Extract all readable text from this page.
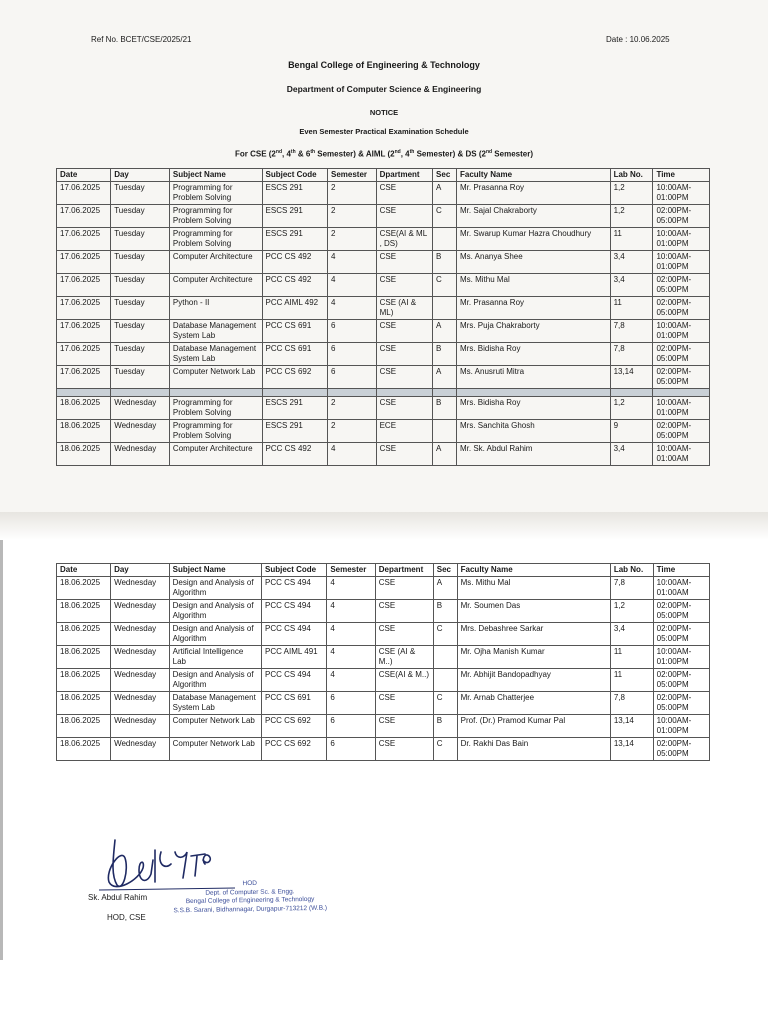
Ref No. BCET/CSE/2025/21	Date : 10.06.2025
Bengal College of Engineering & Technology
Department of Computer Science & Engineering
NOTICE
Even Semester Practical Examination Schedule
For CSE (2nd, 4th & 6th Semester) & AIML (2nd, 4th Semester) & DS (2nd Semester)
Date	Day	Subject Name	Subject Code	Semester	Dpartment	Sec	Faculty Name	Lab No.	Time
17.06.2025	Tuesday	Programming for Problem Solving	ESCS 291	2	CSE	A	Mr. Prasanna Roy	1,2	10:00AM-01:00PM
17.06.2025	Tuesday	Programming for Problem Solving	ESCS 291	2	CSE	C	Mr. Sajal Chakraborty	1,2	02:00PM-05:00PM
17.06.2025	Tuesday	Programming for Problem Solving	ESCS 291	2	CSE(AI & ML , DS)		Mr. Swarup Kumar Hazra Choudhury	11	10:00AM-01:00PM
17.06.2025	Tuesday	Computer Architecture	PCC CS 492	4	CSE	B	Ms. Ananya Shee	3,4	10:00AM-01:00PM
17.06.2025	Tuesday	Computer Architecture	PCC CS 492	4	CSE	C	Ms. Mithu Mal	3,4	02:00PM-05:00PM
17.06.2025	Tuesday	Python - II	PCC AIML 492	4	CSE (AI & ML)		Mr. Prasanna Roy	11	02:00PM-05:00PM
17.06.2025	Tuesday	Database Management System Lab	PCC CS 691	6	CSE	A	Mrs. Puja Chakraborty	7,8	10:00AM-01:00PM
17.06.2025	Tuesday	Database Management System Lab	PCC CS 691	6	CSE	B	Mrs. Bidisha Roy	7,8	02:00PM-05:00PM
17.06.2025	Tuesday	Computer Network Lab	PCC CS 692	6	CSE	A	Ms. Anusruti Mitra	13,14	02:00PM-05:00PM

18.06.2025	Wednesday	Programming for Problem Solving	ESCS 291	2	CSE	B	Mrs. Bidisha Roy	1,2	10:00AM-01:00PM
18.06.2025	Wednesday	Programming for Problem Solving	ESCS 291	2	ECE		Mrs. Sanchita Ghosh	9	02:00PM-05:00PM
18.06.2025	Wednesday	Computer Architecture	PCC CS 492	4	CSE	A	Mr. Sk. Abdul Rahim	3,4	10:00AM-01:00AM
Date	Day	Subject Name	Subject Code	Semester	Department	Sec	Faculty Name	Lab No.	Time
18.06.2025	Wednesday	Design and Analysis of Algorithm	PCC CS 494	4	CSE	A	Ms. Mithu Mal	7,8	10:00AM-01:00AM
18.06.2025	Wednesday	Design and Analysis of Algorithm	PCC CS 494	4	CSE	B	Mr. Soumen Das	1,2	02:00PM-05:00PM
18.06.2025	Wednesday	Design and Analysis of Algorithm	PCC CS 494	4	CSE	C	Mrs. Debashree Sarkar	3,4	02:00PM-05:00PM
18.06.2025	Wednesday	Artificial Intelligence Lab	PCC AIML 491	4	CSE (AI & M..)		Mr. Ojha Manish Kumar	11	10:00AM-01:00PM
18.06.2025	Wednesday	Design and Analysis of Algorithm	PCC CS 494	4	CSE(AI & M..)		Mr. Abhijit Bandopadhyay	11	02:00PM-05:00PM
18.06.2025	Wednesday	Database Management System Lab	PCC CS 691	6	CSE	C	Mr. Arnab Chatterjee	7,8	02:00PM-05:00PM
18.06.2025	Wednesday	Computer Network Lab	PCC CS 692	6	CSE	B	Prof. (Dr.) Pramod Kumar Pal	13,14	10:00AM-01:00PM
18.06.2025	Wednesday	Computer Network Lab	PCC CS 692	6	CSE	C	Dr. Rakhi Das Bain	13,14	02:00PM-05:00PM
Sk. Abdul Rahim
HOD, CSE
HOD
Dept. of Computer Sc. & Engg.
Bengal College of Engineering & Technology
S.S.B. Sarani, Bidhannagar, Durgapur-713212 (W.B.)
